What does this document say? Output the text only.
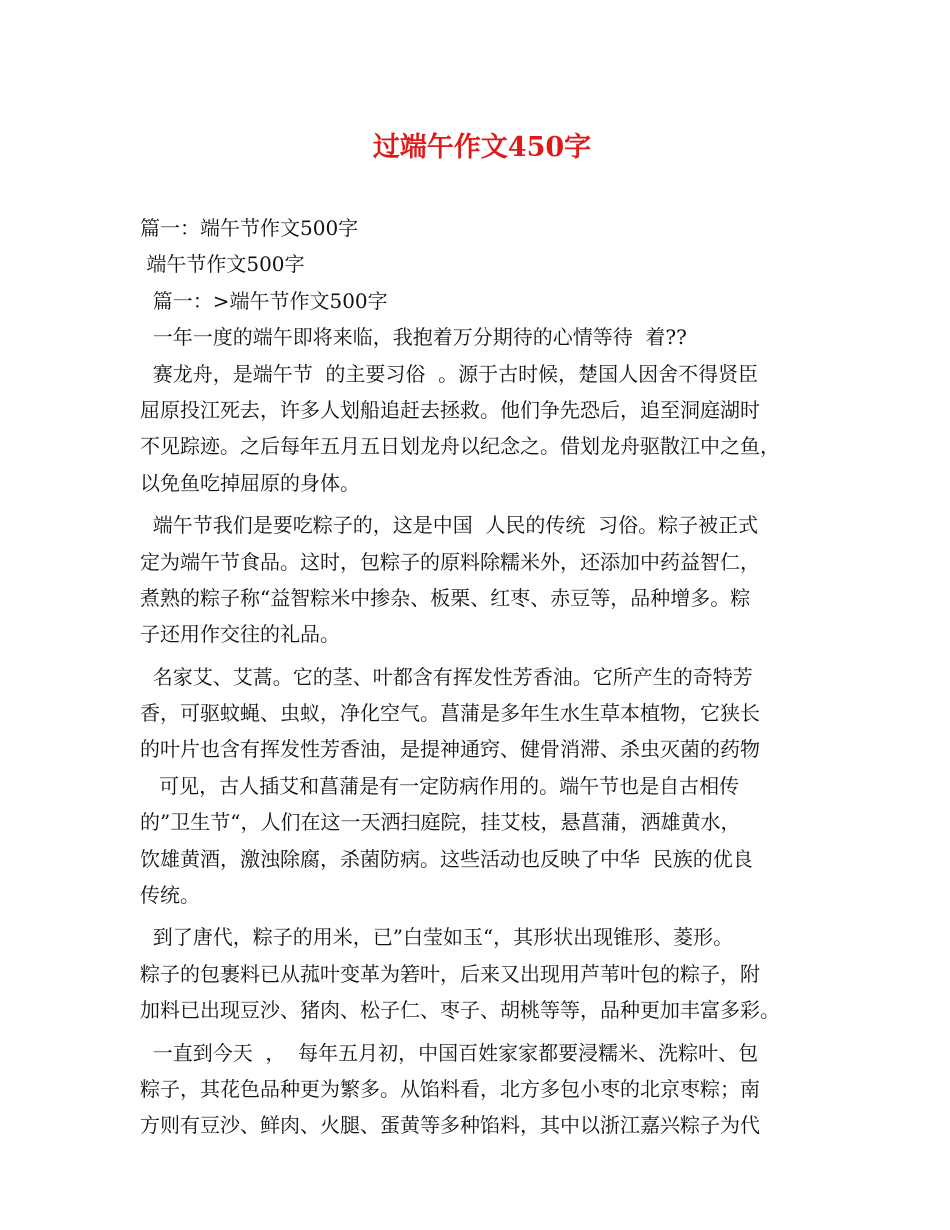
过端午作文450字
篇一：端午节作文500字
端午节作文500字
篇一：>端午节作文500字
一年一度的端午即将来临，我抱着万分期待的心情等待  着??
赛龙舟，是端午节  的主要习俗  。源于古时候，楚国人因舍不得贤臣
屈原投江死去，许多人划船追赶去拯救。他们争先恐后，追至洞庭湖时
不见踪迹。之后每年五月五日划龙舟以纪念之。借划龙舟驱散江中之鱼，
以免鱼吃掉屈原的身体。
端午节我们是要吃粽子的，这是中国  人民的传统  习俗。粽子被正式
定为端午节食品。这时，包粽子的原料除糯米外，还添加中药益智仁，
煮熟的粽子称“益智粽米中掺杂、板栗、红枣、赤豆等，品种增多。粽
子还用作交往的礼品。
名家艾、艾蒿。它的茎、叶都含有挥发性芳香油。它所产生的奇特芳
香，可驱蚊蝇、虫蚁，净化空气。菖蒲是多年生水生草本植物，它狭长
的叶片也含有挥发性芳香油，是提神通窍、健骨消滞、杀虫灭菌的药物
可见，古人插艾和菖蒲是有一定防病作用的。端午节也是自古相传
的”卫生节“，人们在这一天洒扫庭院，挂艾枝，悬菖蒲，洒雄黄水，
饮雄黄酒，激浊除腐，杀菌防病。这些活动也反映了中华  民族的优良
传统。
到了唐代，粽子的用米，已”白莹如玉“，其形状出现锥形、菱形。
粽子的包裹料已从菰叶变革为箬叶，后来又出现用芦苇叶包的粽子，附
加料已出现豆沙、猪肉、松子仁、枣子、胡桃等等，品种更加丰富多彩。
一直到今天  ，  每年五月初，中国百姓家家都要浸糯米、洗粽叶、包
粽子，其花色品种更为繁多。从馅料看，北方多包小枣的北京枣粽；南
方则有豆沙、鲜肉、火腿、蛋黄等多种馅料，其中以浙江嘉兴粽子为代
